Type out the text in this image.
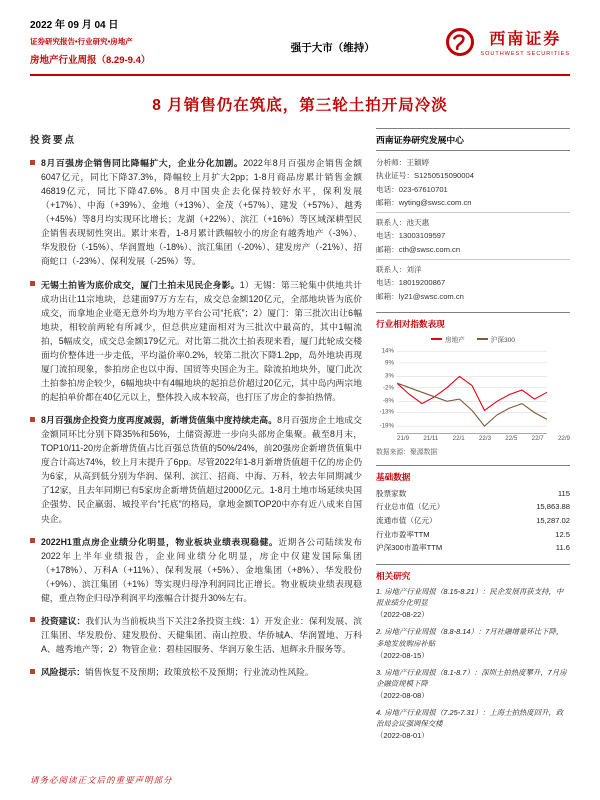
2022 年 09 月 04 日
证券研究报告•行业研究•房地产
房地产行业周报（8.29-9.4）
强于大市（维持）	西南证券
SOUTHWEST SECURITIES
8 月销售仍在筑底，第三轮土拍开局冷淡
投资要点
8月百强房企销售同比降幅扩大，企业分化加剧。2022年8月百强房企销售金额6047亿元，同比下降37.3%，降幅较上月扩大2pp；1-8月商品房累计销售金额46819亿元，同比下降47.6%。8月中国央企去化保持较好水平，保利发展（+17%）、中海（+39%）、金地（+13%）、金茂（+57%）、建发（+57%）、越秀（+45%）等8月均实现环比增长；龙湖（+22%）、滨江（+16%）等区域深耕型民企销售表现韧性突出。累计来看，1-8月累计跌幅较小的房企有越秀地产（-3%）、华发股份（-15%）、华润置地（-18%）、滨江集团（-20%）、建发房产（-21%）、招商蛇口（-23%）、保利发展（-25%）等。
无锡土拍皆为底价成交，厦门土拍未见民企身影。1）无锡：第三轮集中供地共计成功出让11宗地块，总建面97万方左右，成交总金额120亿元，全部地块皆为底价成交，而拿地企业毫无意外均为地方平台公司“托底”；2）厦门：第三批次出让6幅地块，相较前两轮有所减少，但总供应建面相对为三批次中最高的，其中1幅流拍，5幅成交，成交总金额179亿元。对比第二批次土拍表现来看，厦门此轮成交楼面均价整体进一步走低，平均溢价率0.2%，较第二批次下降1.2pp，岛外地块再现厦门流拍现象，参拍房企也以中海、国贸等央国企为主。除流拍地块外，厦门此次土拍参拍房企较少，6幅地块中有4幅地块的起拍总价超过20亿元，其中岛内两宗地的起拍单价都在40亿元以上，整体投入成本较高，也打压了房企的参拍热情。
8月百强房企投资力度再度减弱，新增货值集中度持续走高。8月百强房企土地成交金额同环比分别下降35%和56%，土储资源进一步向头部房企集聚。截至8月末，TOP10/11-20房企新增货值占比百强总货值的50%/24%，前20强房企新增货值集中度合计高达74%，较上月末提升了6pp。尽管2022年1-8月新增货值超千亿的房企仍为6家，从高到低分别为华润、保利、滨江、招商、中海、万科，较去年同期减少了12家，且去年同期已有5家房企新增货值超过2000亿元。1-8月土地市场延续央国企强势、民企羸弱、城投平台“托底”的格局，拿地金额TOP20中亦有近八成来自国央企。
2022H1重点房企业绩分化明显，物业板块业绩表现稳健。近期各公司陆续发布2022年上半年业绩报告，企业间业绩分化明显，房企中仅建发国际集团（+178%）、万科A（+11%）、保利发展（+5%）、金地集团（+8%）、华发股份（+9%）、滨江集团（+1%）等实现归母净利润同比正增长。物业板块业绩表现稳健，重点物企归母净利润平均涨幅合计提升30%左右。
投资建议：我们认为当前板块当下关注2条投资主线：1）开发企业：保利发展、滨江集团、华发股份、建发股份、天健集团、南山控股、华侨城A、华润置地、万科A、越秀地产等；2）物管企业：碧桂园服务、华润万象生活、旭辉永升服务等。
风险提示：销售恢复不及预期；政策放松不及预期；行业流动性风险。
西南证券研究发展中心
分析师： 王颖婷
执业证号： S1250515090004
电话： 023-67610701
邮箱： wyting@swsc.com.cn
联系人： 池天惠
电话： 13003109597
邮箱： cth@swsc.com.cn
联系人： 刘洋
电话： 18019200867
邮箱： ly21@swsc.com.cn
行业相对指数表现
房地产	沪深300
14%
9%
3%
-2%
-8%
-13%
-19%
21/9 21/11 22/1 22/3 22/5 22/7 22/9
数据来源：聚源数据
基础数据
股票家数	115
行业总市值（亿元）	15,863.88
流通市值（亿元）	15,287.02
行业市盈率TTM	12.5
沪深300市盈率TTM	11.6
相关研究
1. 房地产行业周报（8.15-8.21）：民企发展再获支持，中报业绩分化明显
（2022-08-22）
2. 房地产行业周报（8.8-8.14）：7月社融增量环比下降，多地发放购房补贴
（2022-08-15）
3. 房地产行业周报（8.1-8.7）：深圳土拍热度攀升，7月房企融资规模下降
（2022-08-08）
4. 房地产行业周报（7.25-7.31）：上海土拍热度回升，政治局会议强调保交楼
（2022-08-01）
请务必阅读正文后的重要声明部分
